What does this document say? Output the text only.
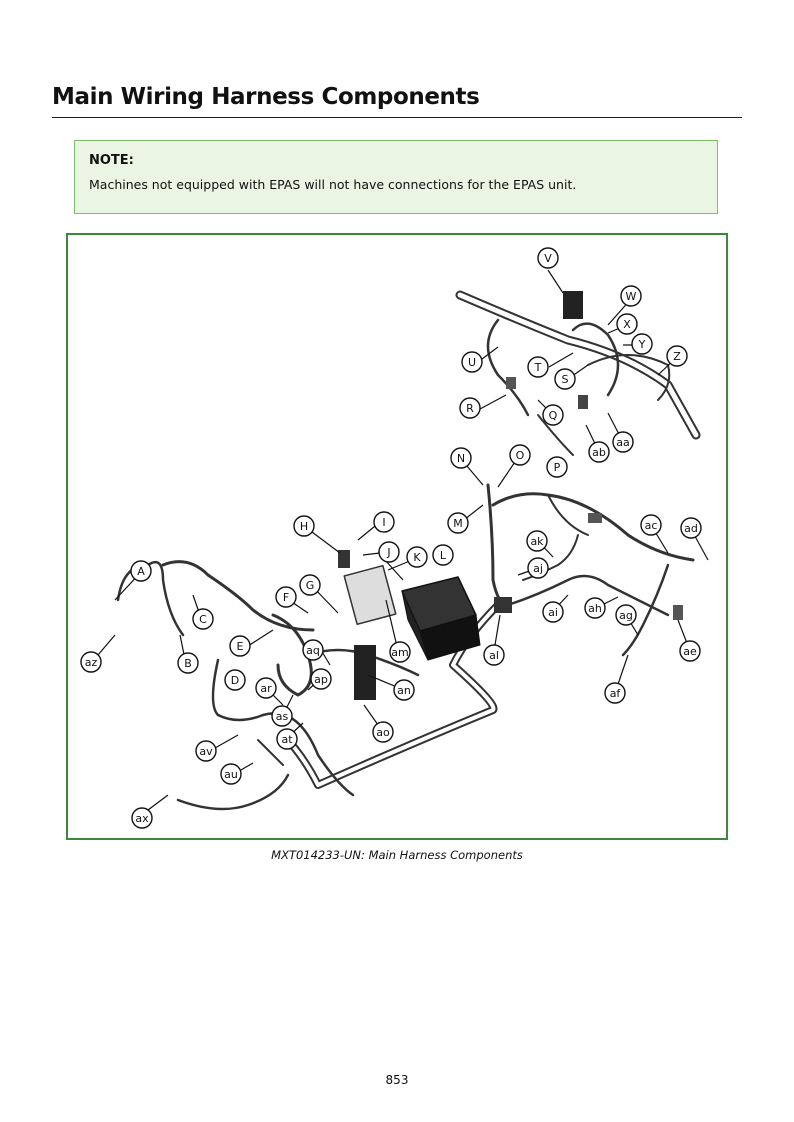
Main Wiring Harness Components

NOTE:

Machines not equipped with EPAS will not have connections for the EPAS unit.

A
B
C
D
E
F
G
H	I
J K L
M
N	O
P
Q
R
S
T
U
V
W
X
Y
Z
aa
ab
ac ad
ae
af
ag
ah
ai
aj
ak
al
am
an
ao
ap
aq
ar
as
at
au
av
ax
az
MXT014233-UN: Main Harness Components
853
